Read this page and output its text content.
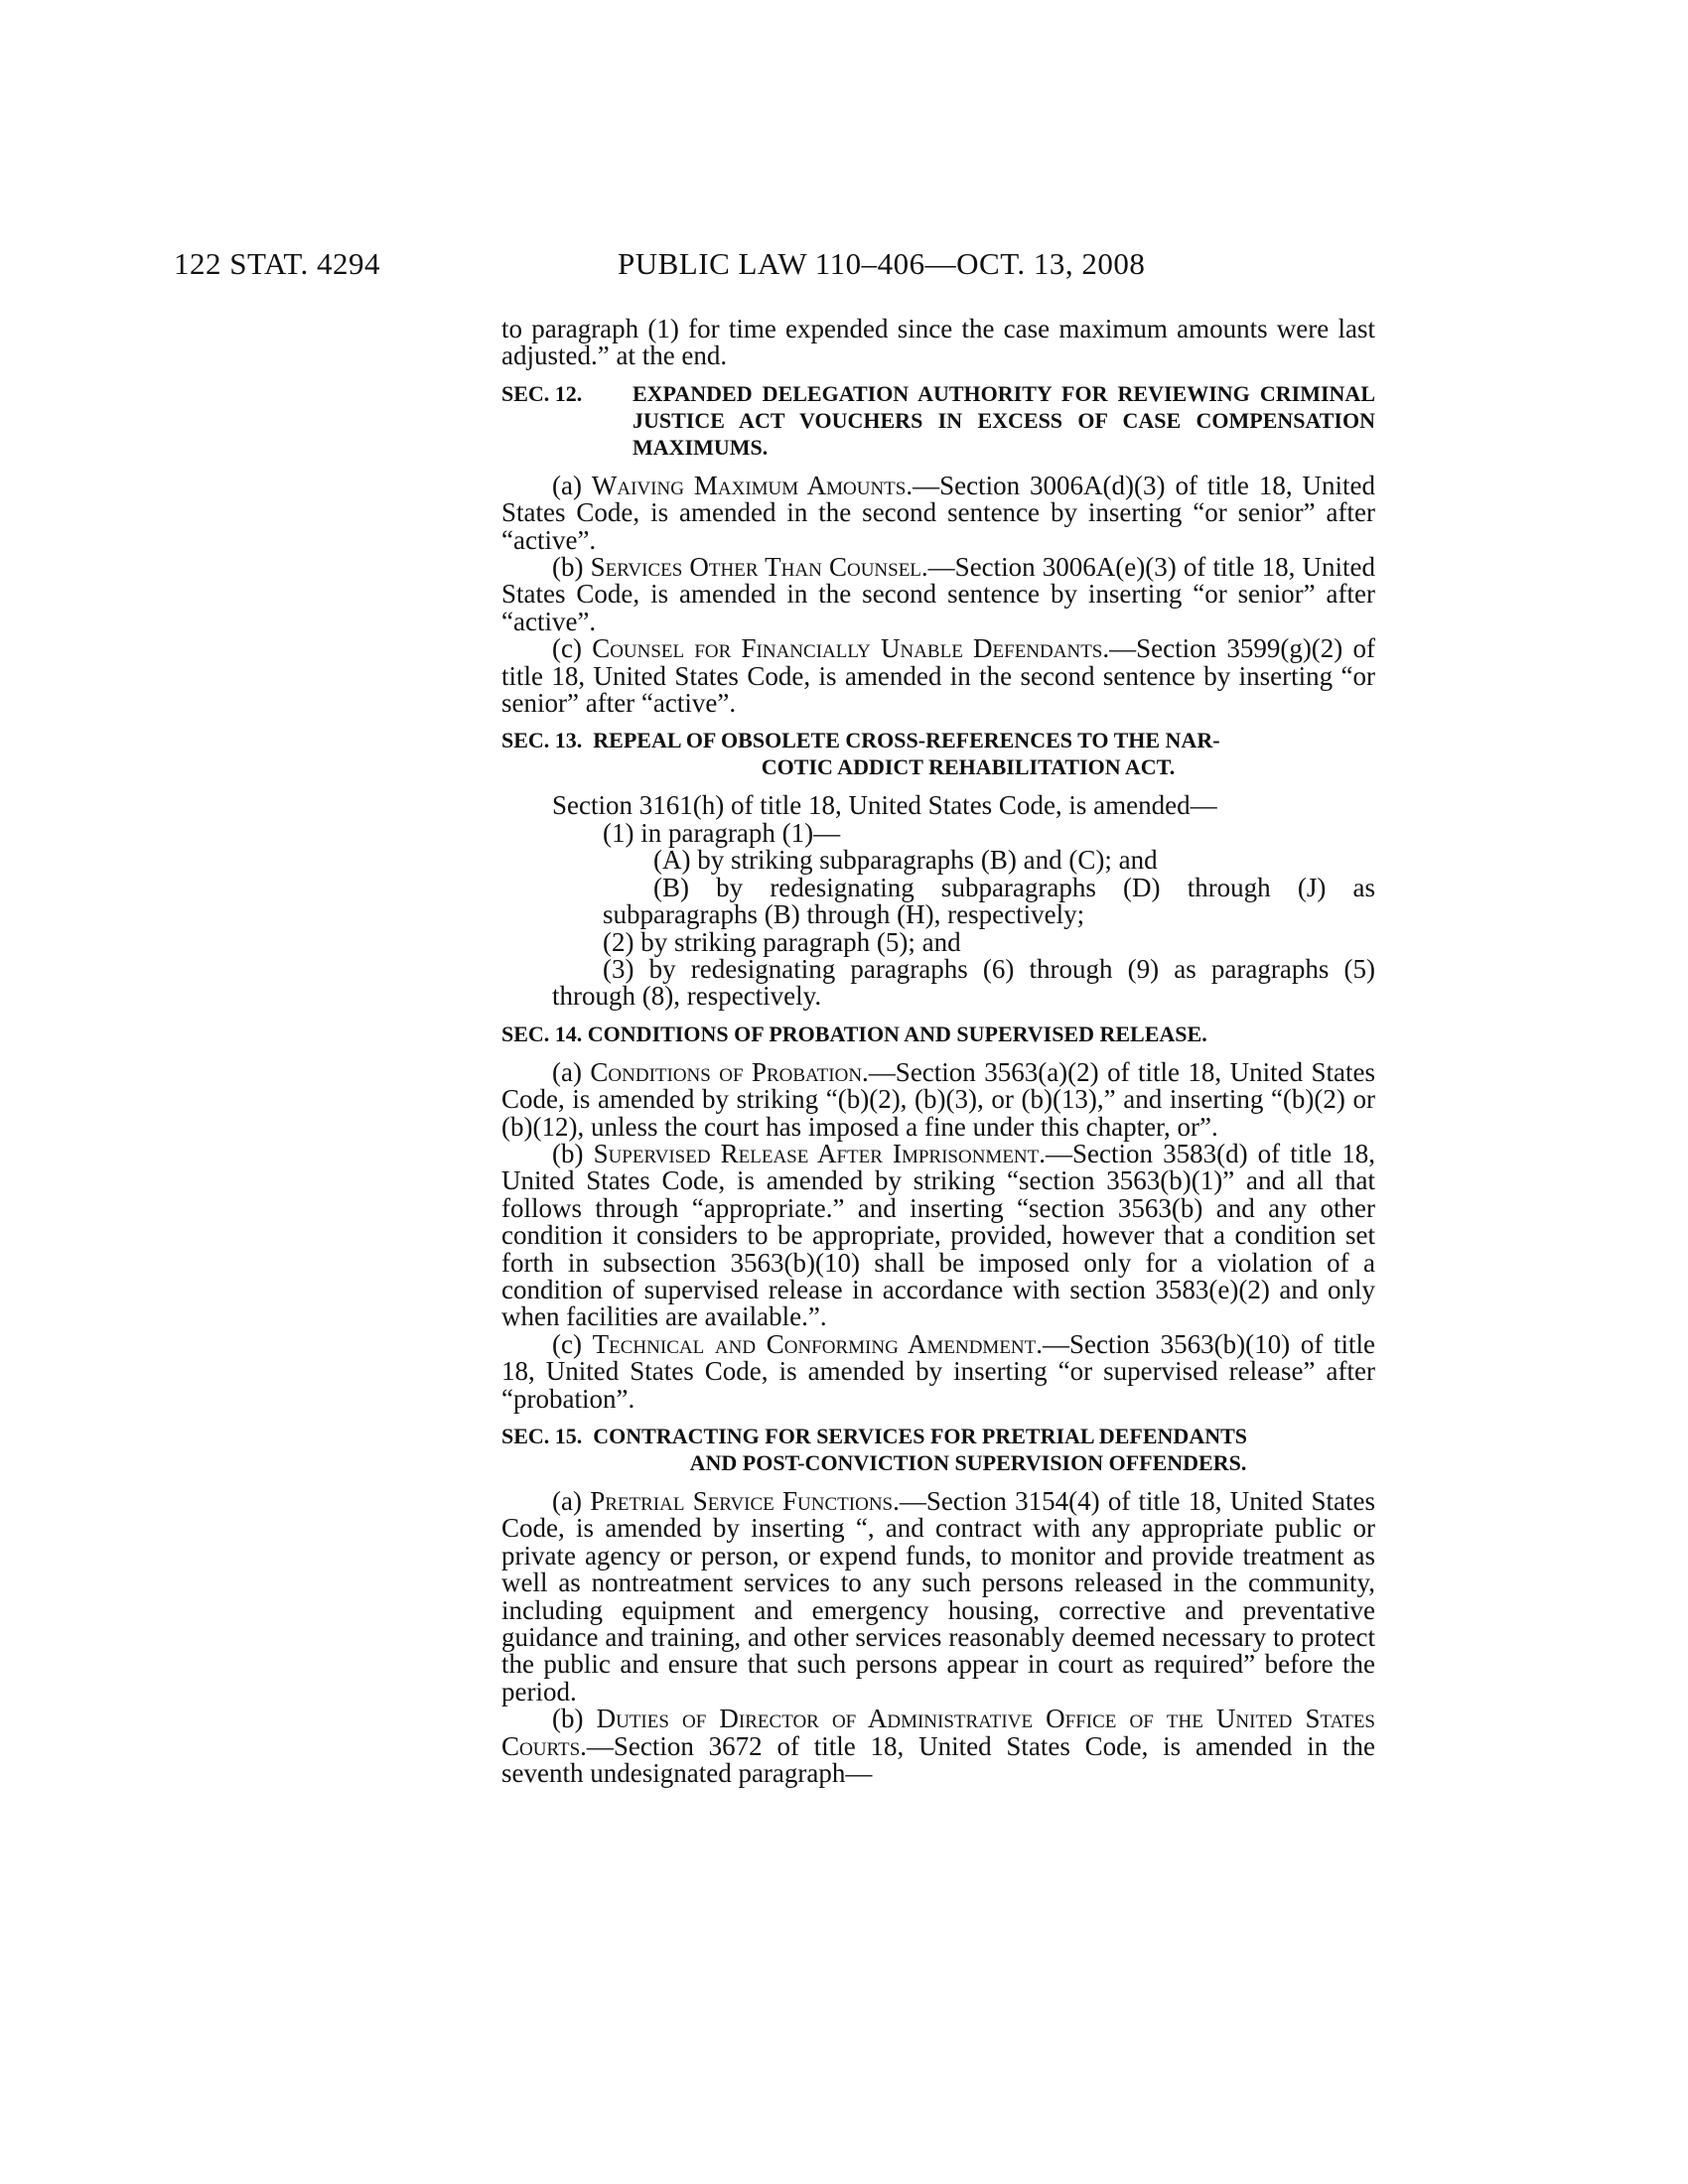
122 STAT. 4294	PUBLIC LAW 110–406—OCT. 13, 2008

to paragraph (1) for time expended since the case maximum amounts were last adjusted.” at the end.

SEC. 12. EXPANDED DELEGATION AUTHORITY FOR REVIEWING CRIMINAL JUSTICE ACT VOUCHERS IN EXCESS OF CASE COMPENSATION MAXIMUMS.

(a) Waiving Maximum Amounts.—Section 3006A(d)(3) of title 18, United States Code, is amended in the second sentence by inserting “or senior” after “active”.

(b) Services Other Than Counsel.—Section 3006A(e)(3) of title 18, United States Code, is amended in the second sentence by inserting “or senior” after “active”.

(c) Counsel for Financially Unable Defendants.—Section 3599(g)(2) of title 18, United States Code, is amended in the second sentence by inserting “or senior” after “active”.

SEC. 13. REPEAL OF OBSOLETE CROSS-REFERENCES TO THE NAR-
COTIC ADDICT REHABILITATION ACT.

Section 3161(h) of title 18, United States Code, is amended—

(1) in paragraph (1)—

(A) by striking subparagraphs (B) and (C); and

(B) by redesignating subparagraphs (D) through (J) as subparagraphs (B) through (H), respectively;

(2) by striking paragraph (5); and

(3) by redesignating paragraphs (6) through (9) as paragraphs (5) through (8), respectively.

SEC. 14. CONDITIONS OF PROBATION AND SUPERVISED RELEASE.

(a) Conditions of Probation.—Section 3563(a)(2) of title 18, United States Code, is amended by striking “(b)(2), (b)(3), or (b)(13),” and inserting “(b)(2) or (b)(12), unless the court has imposed a fine under this chapter, or”.

(b) Supervised Release After Imprisonment.—Section 3583(d) of title 18, United States Code, is amended by striking “section 3563(b)(1)” and all that follows through “appropriate.” and inserting “section 3563(b) and any other condition it considers to be appropriate, provided, however that a condition set forth in subsection 3563(b)(10) shall be imposed only for a violation of a condition of supervised release in accordance with section 3583(e)(2) and only when facilities are available.”.

(c) Technical and Conforming Amendment.—Section 3563(b)(10) of title 18, United States Code, is amended by inserting “or supervised release” after “probation”.

SEC. 15. CONTRACTING FOR SERVICES FOR PRETRIAL DEFENDANTS
AND POST-CONVICTION SUPERVISION OFFENDERS.

(a) Pretrial Service Functions.—Section 3154(4) of title 18, United States Code, is amended by inserting “, and contract with any appropriate public or private agency or person, or expend funds, to monitor and provide treatment as well as nontreatment services to any such persons released in the community, including equipment and emergency housing, corrective and preventative guidance and training, and other services reasonably deemed necessary to protect the public and ensure that such persons appear in court as required” before the period.

(b) Duties of Director of Administrative Office of the United States Courts.—Section 3672 of title 18, United States Code, is amended in the seventh undesignated paragraph—
